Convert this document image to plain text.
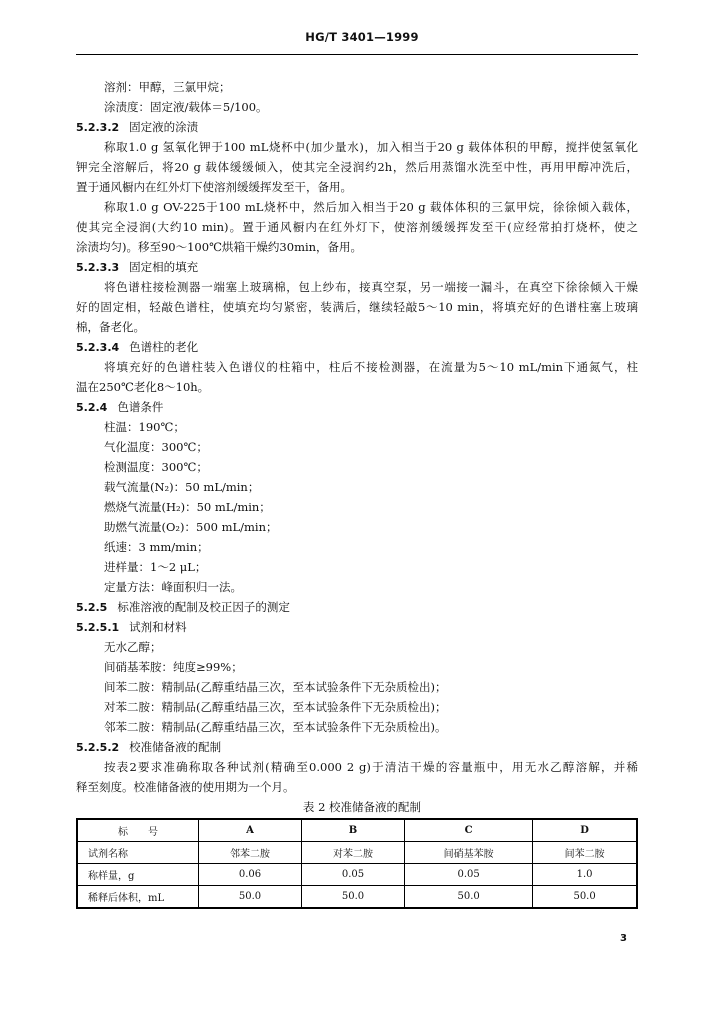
HG/T 3401—1999
溶剂：甲醇，三氯甲烷；
涂渍度：固定液/载体＝5/100。
5.2.3.2 固定液的涂渍
称取1.0 g 氢氧化钾于100 mL烧杯中(加少量水)，加入相当于20 g 载体体积的甲醇，搅拌使氢氧化
钾完全溶解后，将20 g 载体缓缓倾入，使其完全浸润约2h，然后用蒸馏水洗至中性，再用甲醇冲洗后，
置于通风橱内在红外灯下使溶剂缓缓挥发至干，备用。
称取1.0 g OV-225于100 mL烧杯中，然后加入相当于20 g 载体体积的三氯甲烷，徐徐倾入载体，
使其完全浸润(大约10 min)。置于通风橱内在红外灯下，使溶剂缓缓挥发至干(应经常拍打烧杯，使之
涂渍均匀)。移至90～100℃烘箱干燥约30min，备用。
5.2.3.3 固定相的填充
将色谱柱接检测器一端塞上玻璃棉，包上纱布，接真空泵，另一端接一漏斗，在真空下徐徐倾入干燥
好的固定相，轻敲色谱柱，使填充均匀紧密，装满后，继续轻敲5～10 min，将填充好的色谱柱塞上玻璃
棉，备老化。
5.2.3.4 色谱柱的老化
将填充好的色谱柱装入色谱仪的柱箱中，柱后不接检测器，在流量为5～10 mL/min下通氮气，柱
温在250℃老化8～10h。
5.2.4 色谱条件
柱温：190℃；
气化温度：300℃；
检测温度：300℃；
载气流量(N₂)：50 mL/min；
燃烧气流量(H₂)：50 mL/min；
助燃气流量(O₂)：500 mL/min；
纸速：3 mm/min；
进样量：1～2 μL；
定量方法：峰面积归一法。
5.2.5 标准溶液的配制及校正因子的测定
5.2.5.1 试剂和材料
无水乙醇；
间硝基苯胺：纯度≥99%；
间苯二胺：精制品(乙醇重结晶三次，至本试验条件下无杂质检出)；
对苯二胺：精制品(乙醇重结晶三次，至本试验条件下无杂质检出)；
邻苯二胺：精制品(乙醇重结晶三次，至本试验条件下无杂质检出)。
5.2.5.2 校准储备液的配制
按表2要求准确称取各种试剂(精确至0.000 2 g)于清洁干燥的容量瓶中，用无水乙醇溶解，并稀
释至刻度。校准储备液的使用期为一个月。
表 2 校准储备液的配制
标　　号	A	B	C	D
试剂名称	邻苯二胺	对苯二胺	间硝基苯胺	间苯二胺
称样量，g	0.06	0.05	0.05	1.0
稀释后体积，mL	50.0	50.0	50.0	50.0
3
